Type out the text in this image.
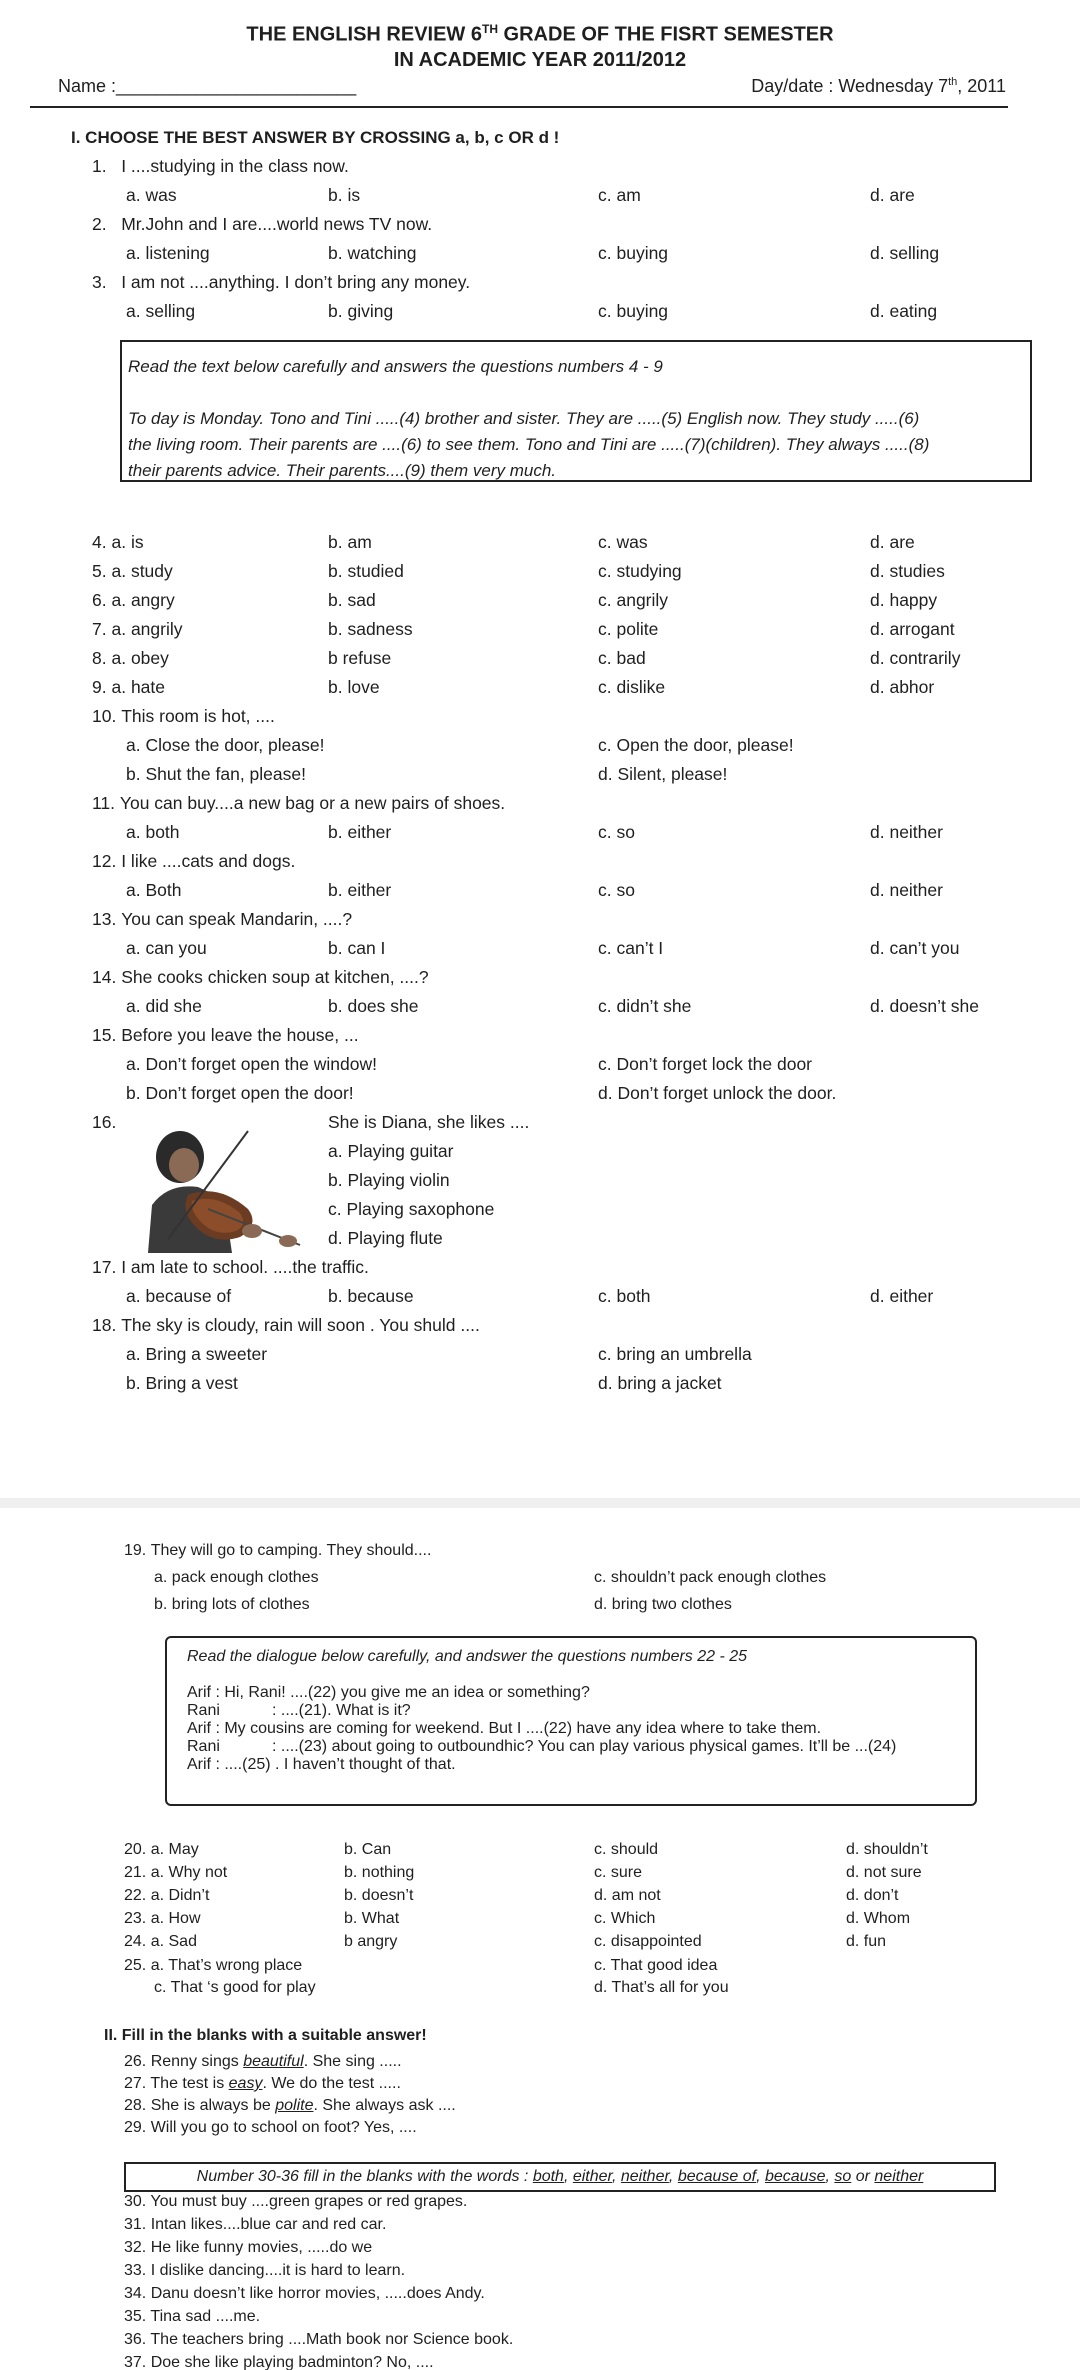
THE ENGLISH REVIEW 6TH GRADE OF THE FISRT SEMESTER
IN ACADEMIC YEAR 2011/2012
Name :________________________	Day/date : Wednesday 7th, 2011
I. CHOOSE THE BEST ANSWER BY CROSSING a, b, c OR d !
1. I ....studying in the class now.
a. was	b. is	c. am	d. are
2. Mr.John and I are....world news TV now.
a. listening	b. watching	c. buying	d. selling
3. I am not ....anything. I don’t bring any money.
a. selling	b. giving	c. buying	d. eating
Read the text below carefully and answers the questions numbers 4 - 9
To day is Monday. Tono and Tini .....(4) brother and sister. They are .....(5) English now. They study .....(6)
the living room. Their parents are ....(6) to see them. Tono and Tini are .....(7)(children). They always .....(8)
their parents advice. Their parents....(9) them very much.
4. a. is	b. am	c. was	d. are
5. a. study	b. studied	c. studying	d. studies
6. a. angry	b. sad	c. angrily	d. happy
7. a. angrily	b. sadness	c. polite	d. arrogant
8. a. obey	b refuse	c. bad	d. contrarily
9. a. hate	b. love	c. dislike	d. abhor
10. This room is hot, ....
a. Close the door, please!	c. Open the door, please!
b. Shut the fan, please!	d. Silent, please!
11. You can buy....a new bag or a new pairs of shoes.
a. both	b. either	c. so	d. neither
12. I like ....cats and dogs.
a. Both	b. either	c. so	d. neither
13. You can speak Mandarin, ....?
a. can you	b. can I	c. can’t I	d. can’t you
14. She cooks chicken soup at kitchen, ....?
a. did she	b. does she	c. didn’t she	d. doesn’t she
15. Before you leave the house, ...
a. Don’t forget open the window!	c. Don’t forget lock the door
b. Don’t forget open the door!	d. Don’t forget unlock the door.
16.	She is Diana, she likes ....
a. Playing guitar
b. Playing violin
c. Playing saxophone
d. Playing flute
17. I am late to school. ....the traffic.
a. because of	b. because	c. both	d. either
18. The sky is cloudy, rain will soon . You shuld ....
a. Bring a sweeter	c. bring an umbrella
b. Bring a vest	d. bring a jacket
19. They will go to camping. They should....
a. pack enough clothes	c. shouldn’t pack enough clothes
b. bring lots of clothes	d. bring two clothes
Read the dialogue below carefully, and andswer the questions numbers 22 - 25
Arif : Hi, Rani! ....(22) you give me an idea or something?
Rani	: ....(21). What is it?
Arif : My cousins are coming for weekend. But I ....(22) have any idea where to take them.
Rani	: ....(23) about going to outboundhic? You can play various physical games. It’ll be ...(24)
Arif : ....(25) . I haven’t thought of that.
20. a. May	b. Can	c. should	d. shouldn’t
21. a. Why not	b. nothing	c. sure	d. not sure
22. a. Didn’t	b. doesn’t	d. am not	d. don’t
23. a. How	b. What	c. Which	d. Whom
24. a. Sad	b angry	c. disappointed	d. fun
25. a. That’s wrong place	c. That good idea
c. That ‘s good for play	d. That’s all for you
II. Fill in the blanks with a suitable answer!
26. Renny sings beautiful. She sing .....
27. The test is easy. We do the test .....
28. She is always be polite. She always ask ....
29. Will you go to school on foot? Yes, ....
Number 30-36 fill in the blanks with the words : both, either, neither, because of, because, so or neither
30. You must buy ....green grapes or red grapes.
31. Intan likes....blue car and red car.
32. He like funny movies, .....do we
33. I dislike dancing....it is hard to learn.
34. Danu doesn’t like horror movies, .....does Andy.
35. Tina sad ....me.
36. The teachers bring ....Math book nor Science book.
37. Doe she like playing badminton? No, ....
